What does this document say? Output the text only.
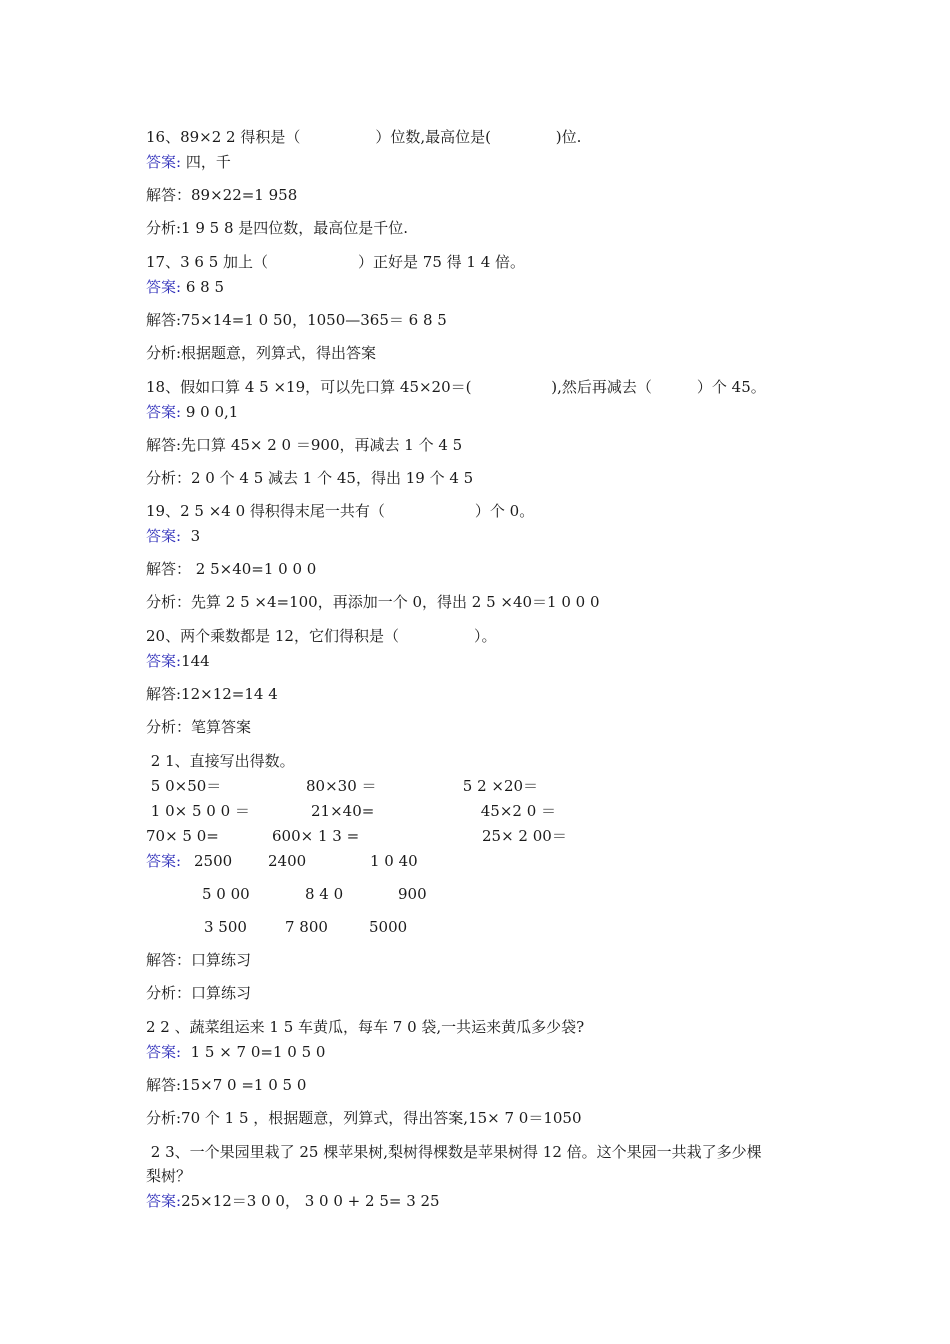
16、89×2 2 得积是（　　　　　）位数,最高位是(　　　　 )位.
答案: 四，千
解答：89×22=1 958
分析:1 9 5 8 是四位数，最高位是千位.
17、3 6 5 加上（　　　　　　）正好是 75 得 1 4 倍。
答案: 6 8 5
解答:75×14=1 0 50，1050—365＝ 6 8 5
分析:根据题意，列算式，得出答案
18、假如口算 4 5 ×19，可以先口算 45×20＝(　　　　　 ),然后再减去（　　　）个 45。
答案: 9 0 0,1
解答:先口算 45× 2 0 ＝900，再减去 1 个 4 5
分析：2 0 个 4 5 减去 1 个 45，得出 19 个 4 5
19、2 5 ×4 0 得积得末尾一共有（　　　　　　）个 0。
答案:  3
解答： 2 5×40=1 0 0 0
分析：先算 2 5 ×4=100，再添加一个 0，得出 2 5 ×40＝1 0 0 0
20、两个乘数都是 12，它们得积是（　　　　　）。
答案:144
解答:12×12=14 4
分析：笔算答案
2 1、直接写出得数。
5 0×50＝	80×30 ＝	5 2 ×20＝
1 0× 5 0 0 ＝	21×40=	45×2 0 ＝
70× 5 0=	600× 1 3 =	25× 2 00＝
答案: 2500 2400	1 0 40
5 0 00	8 4 0	900
3 500	7 800	5000
解答：口算练习
分析：口算练习
2 2 、蔬菜组运来 1 5 车黄瓜，每车 7 0 袋,一共运来黄瓜多少袋?
答案:  1 5 × 7 0=1 0 5 0
解答:15×7 0 =1 0 5 0
分析:70 个 1 5 ，根据题意，列算式，得出答案,15× 7 0＝1050
2 3、一个果园里栽了 25 棵苹果树,梨树得棵数是苹果树得 12 倍。这个果园一共栽了多少棵
梨树？
答案:25×12＝3 0 0， 3 0 0 + 2 5= 3 25
